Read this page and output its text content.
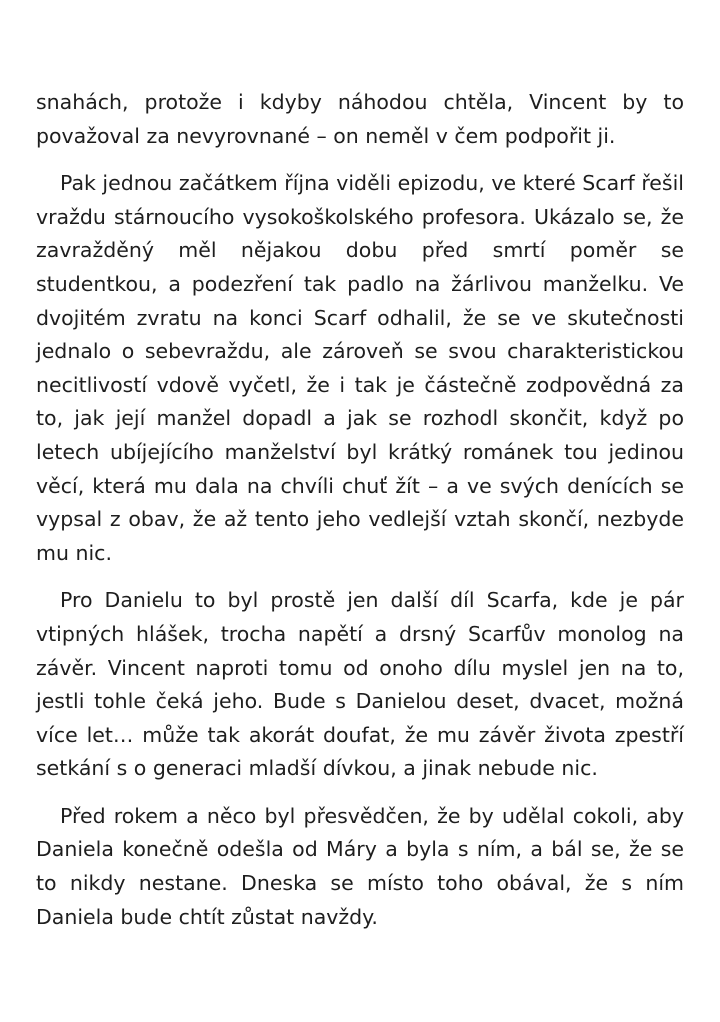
snahách, protože i kdyby náhodou chtěla, Vincent by to považoval za nevyrovnané – on neměl v čem podpořit ji.

Pak jednou začátkem října viděli epizodu, ve které Scarf řešil vraždu stárnoucího vysokoškolského profesora. Ukázalo se, že zavražděný měl nějakou dobu před smrtí poměr se studentkou, a podezření tak padlo na žárlivou manželku. Ve dvojitém zvratu na konci Scarf odhalil, že se ve skutečnosti jednalo o sebevraždu, ale zároveň se svou charakteristickou necitlivostí vdově vyčetl, že i tak je částečně zodpovědná za to, jak její manžel dopadl a jak se rozhodl skončit, když po letech ubíjejícího manželství byl krátký románek tou jedinou věcí, která mu dala na chvíli chuť žít – a ve svých denících se vypsal z obav, že až tento jeho vedlejší vztah skončí, nezbyde mu nic.

Pro Danielu to byl prostě jen další díl Scarfa, kde je pár vtipných hlášek, trocha napětí a drsný Scarfův monolog na závěr. Vincent naproti tomu od onoho dílu myslel jen na to, jestli tohle čeká jeho. Bude s Danielou deset, dvacet, možná více let… může tak akorát doufat, že mu závěr života zpestří setkání s o generaci mladší dívkou, a jinak nebude nic.

Před rokem a něco byl přesvědčen, že by udělal cokoli, aby Daniela konečně odešla od Máry a byla s ním, a bál se, že se to nikdy nestane. Dneska se místo toho obával, že s ním Daniela bude chtít zůstat navždy.
